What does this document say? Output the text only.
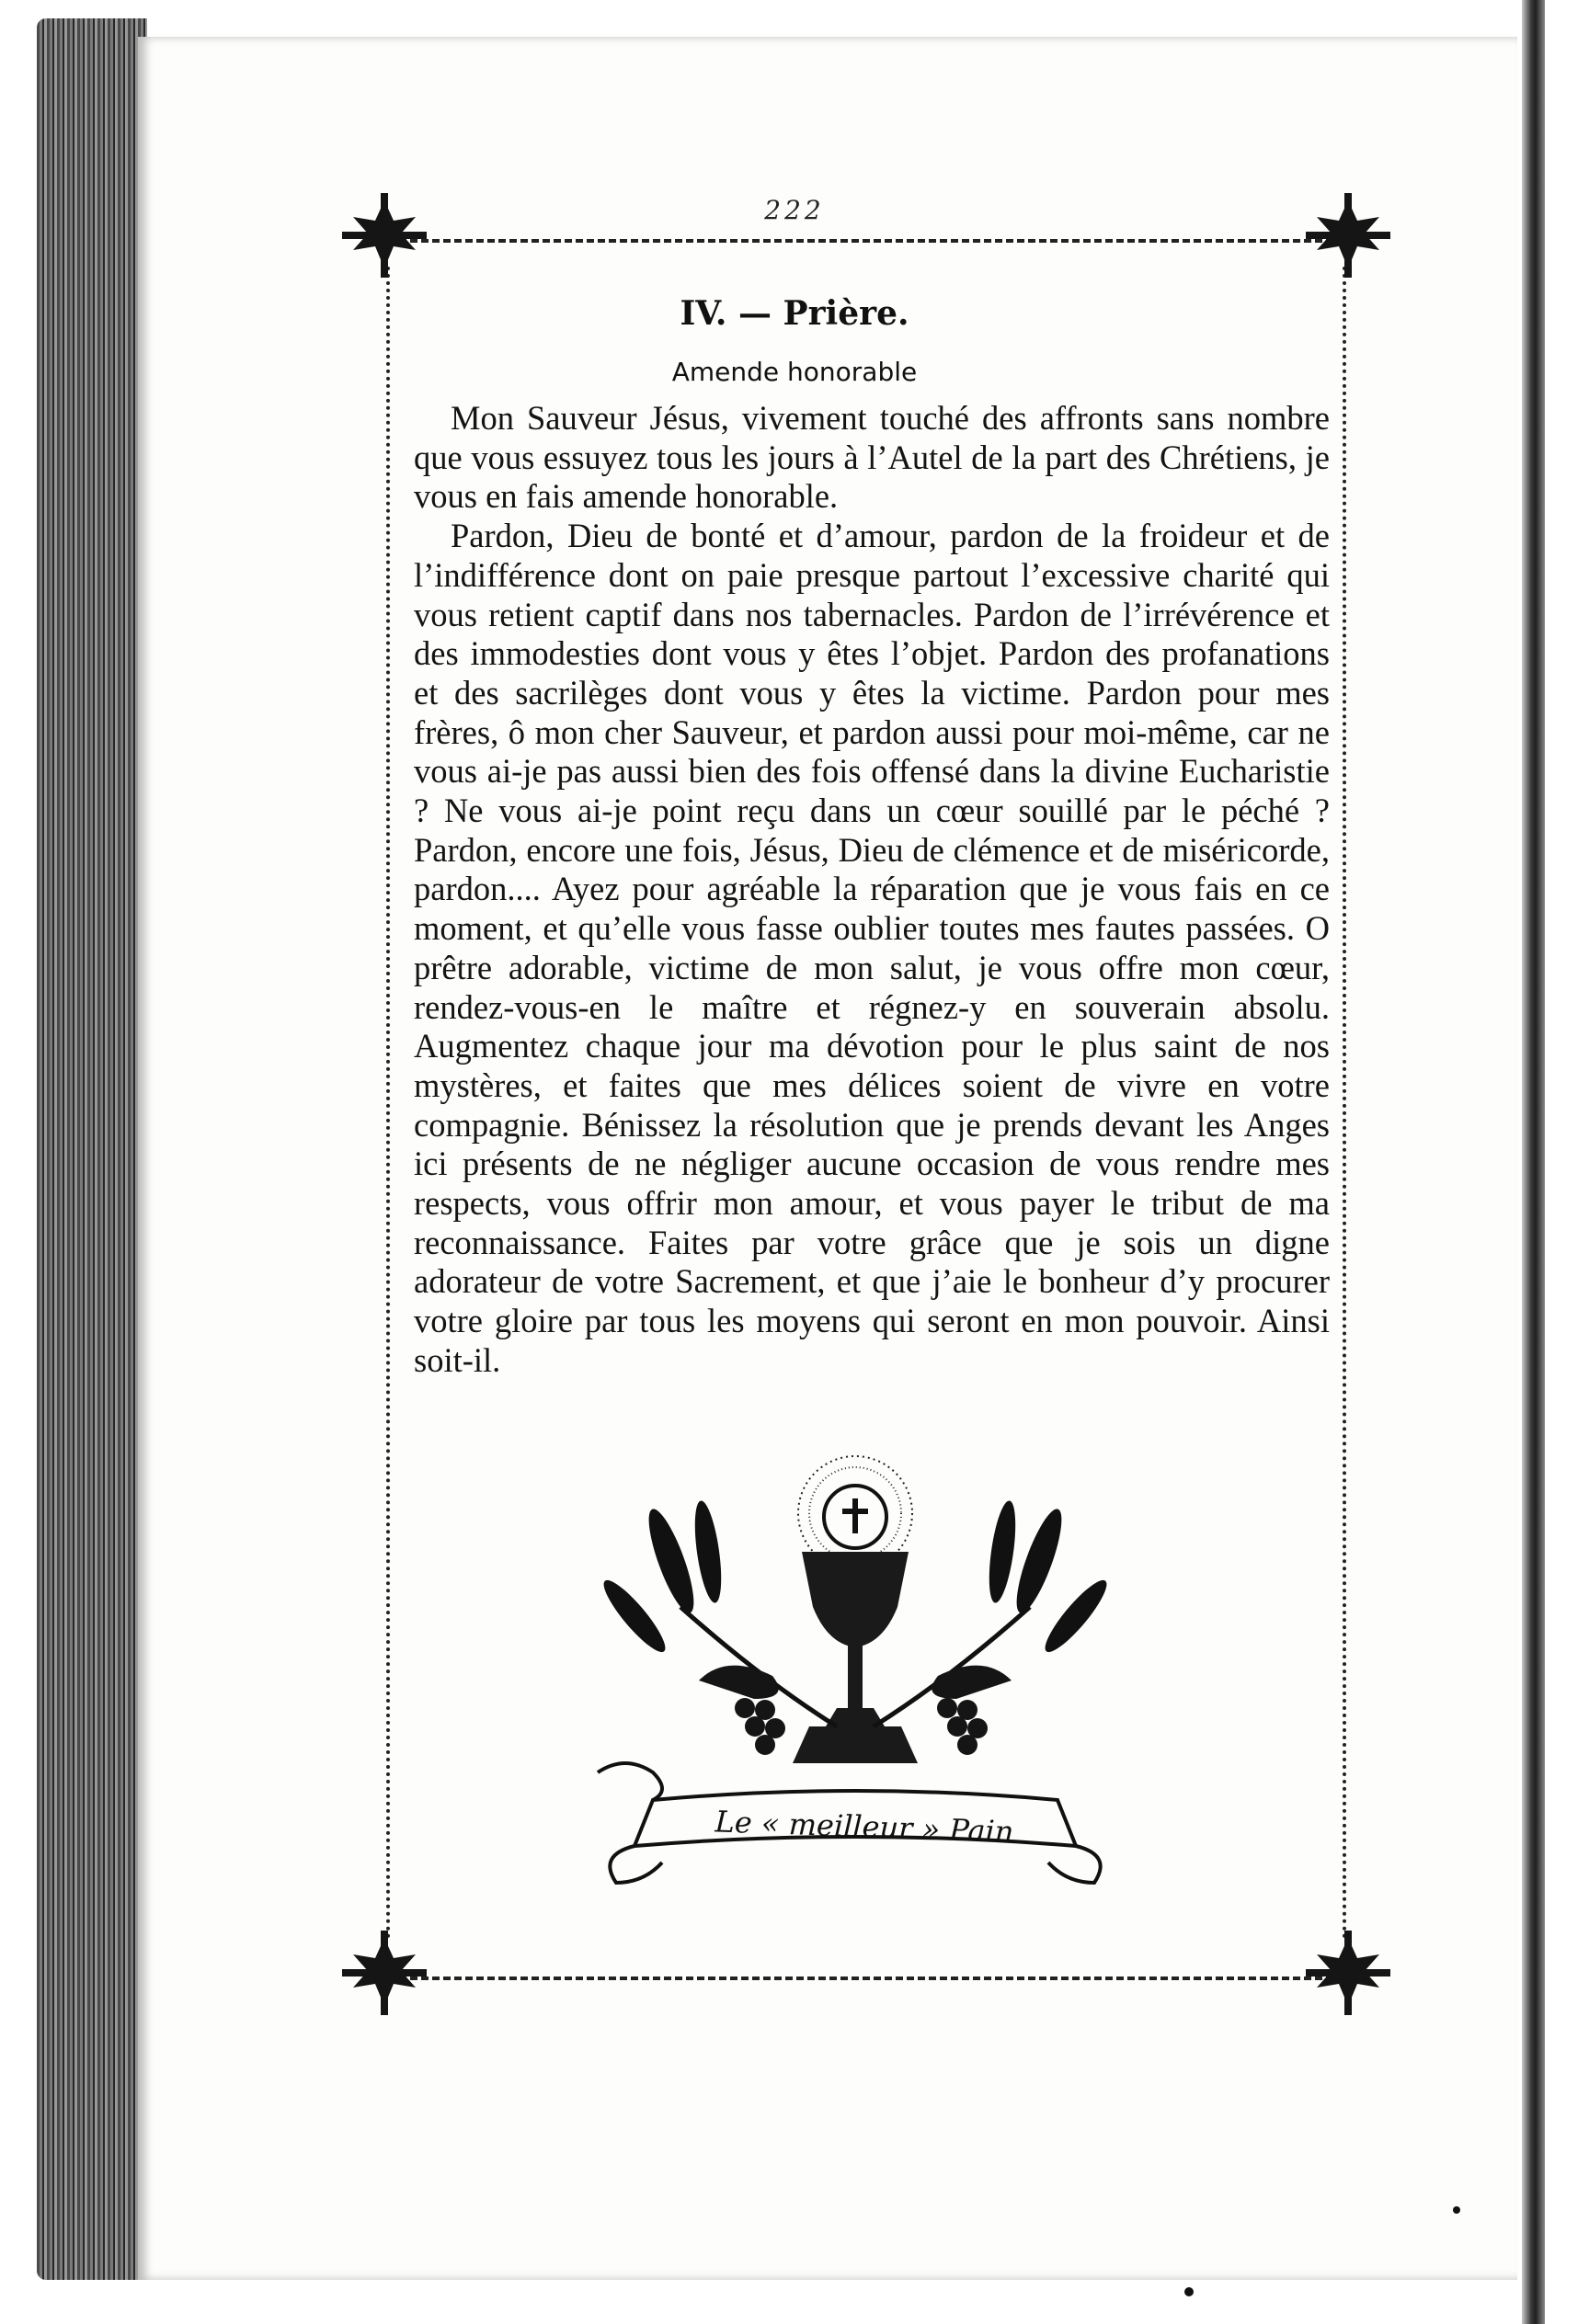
222
IV. — Prière.
Amende honorable

Mon Sauveur Jésus, vivement touché des affronts sans nombre que vous essuyez tous les jours à l’Autel de la part des Chrétiens, je vous en fais amende honorable.

Pardon, Dieu de bonté et d’amour, pardon de la froideur et de l’indifférence dont on paie presque partout l’excessive charité qui vous retient captif dans nos tabernacles. Pardon de l’irrévérence et des immodesties dont vous y êtes l’objet. Pardon des profanations et des sacrilèges dont vous y êtes la victime. Pardon pour mes frères, ô mon cher Sauveur, et pardon aussi pour moi-même, car ne vous ai-je pas aussi bien des fois offensé dans la divine Eucharistie ? Ne vous ai-je point reçu dans un cœur souillé par le péché ? Pardon, encore une fois, Jésus, Dieu de clémence et de miséricorde, pardon.... Ayez pour agréable la réparation que je vous fais en ce moment, et qu’elle vous fasse oublier toutes mes fautes passées. O prêtre adorable, victime de mon salut, je vous offre mon cœur, rendez-vous-en le maître et régnez-y en souverain absolu. Augmentez chaque jour ma dévotion pour le plus saint de nos mystères, et faites que mes délices soient de vivre en votre compagnie. Bénissez la résolution que je prends devant les Anges ici présents de ne négliger aucune occasion de vous rendre mes respects, vous offrir mon amour, et vous payer le tribut de ma reconnaissance. Faites par votre grâce que je sois un digne adorateur de votre Sacrement, et que j’aie le bonheur d’y procurer votre gloire par tous les moyens qui seront en mon pouvoir. Ainsi soit-il.

Le « meilleur » Pain
